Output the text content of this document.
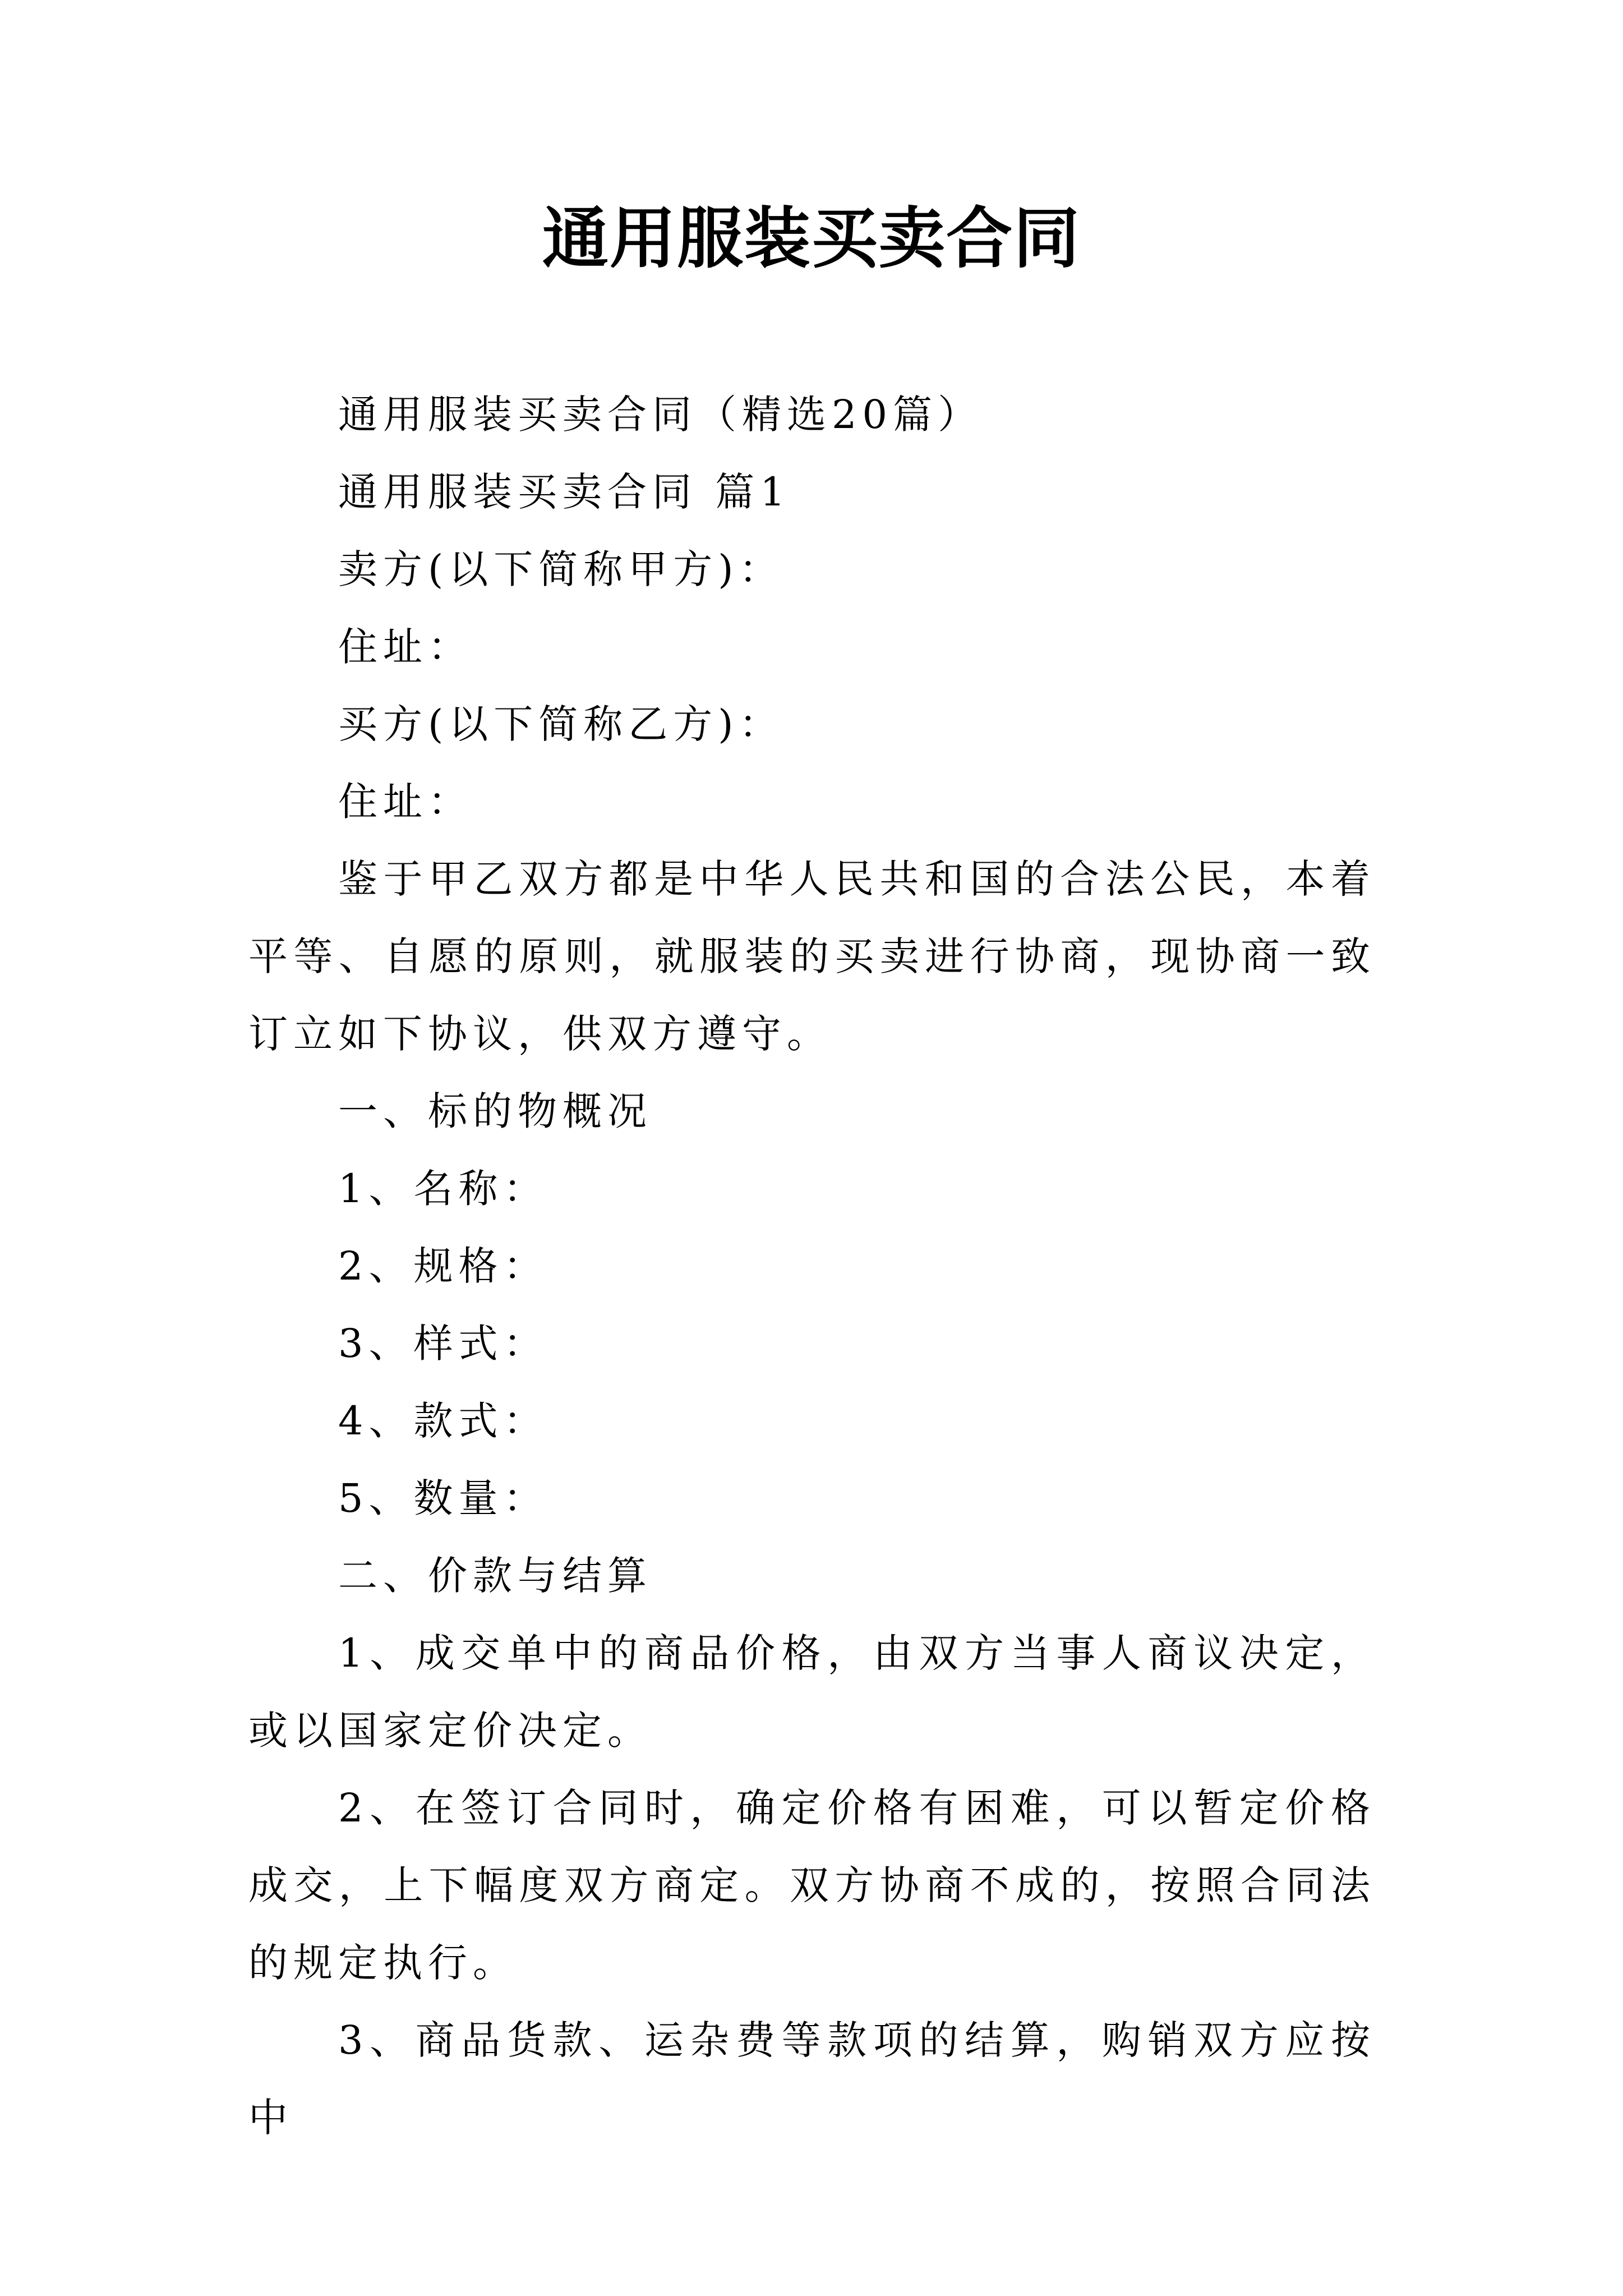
通用服装买卖合同

通用服装买卖合同（精选20篇）

通用服装买卖合同 篇1

卖方(以下简称甲方)：

住址：

买方(以下简称乙方)：

住址：

鉴于甲乙双方都是中华人民共和国的合法公民，本着平等、自愿的原则，就服装的买卖进行协商，现协商一致订立如下协议，供双方遵守。

一、标的物概况

1、名称：

2、规格：

3、样式：

4、款式：

5、数量：

二、价款与结算

1、成交单中的商品价格，由双方当事人商议决定，或以国家定价决定。

2、在签订合同时，确定价格有困难，可以暂定价格成交，上下幅度双方商定。双方协商不成的，按照合同法的规定执行。

3、商品货款、运杂费等款项的结算，购销双方应按中
